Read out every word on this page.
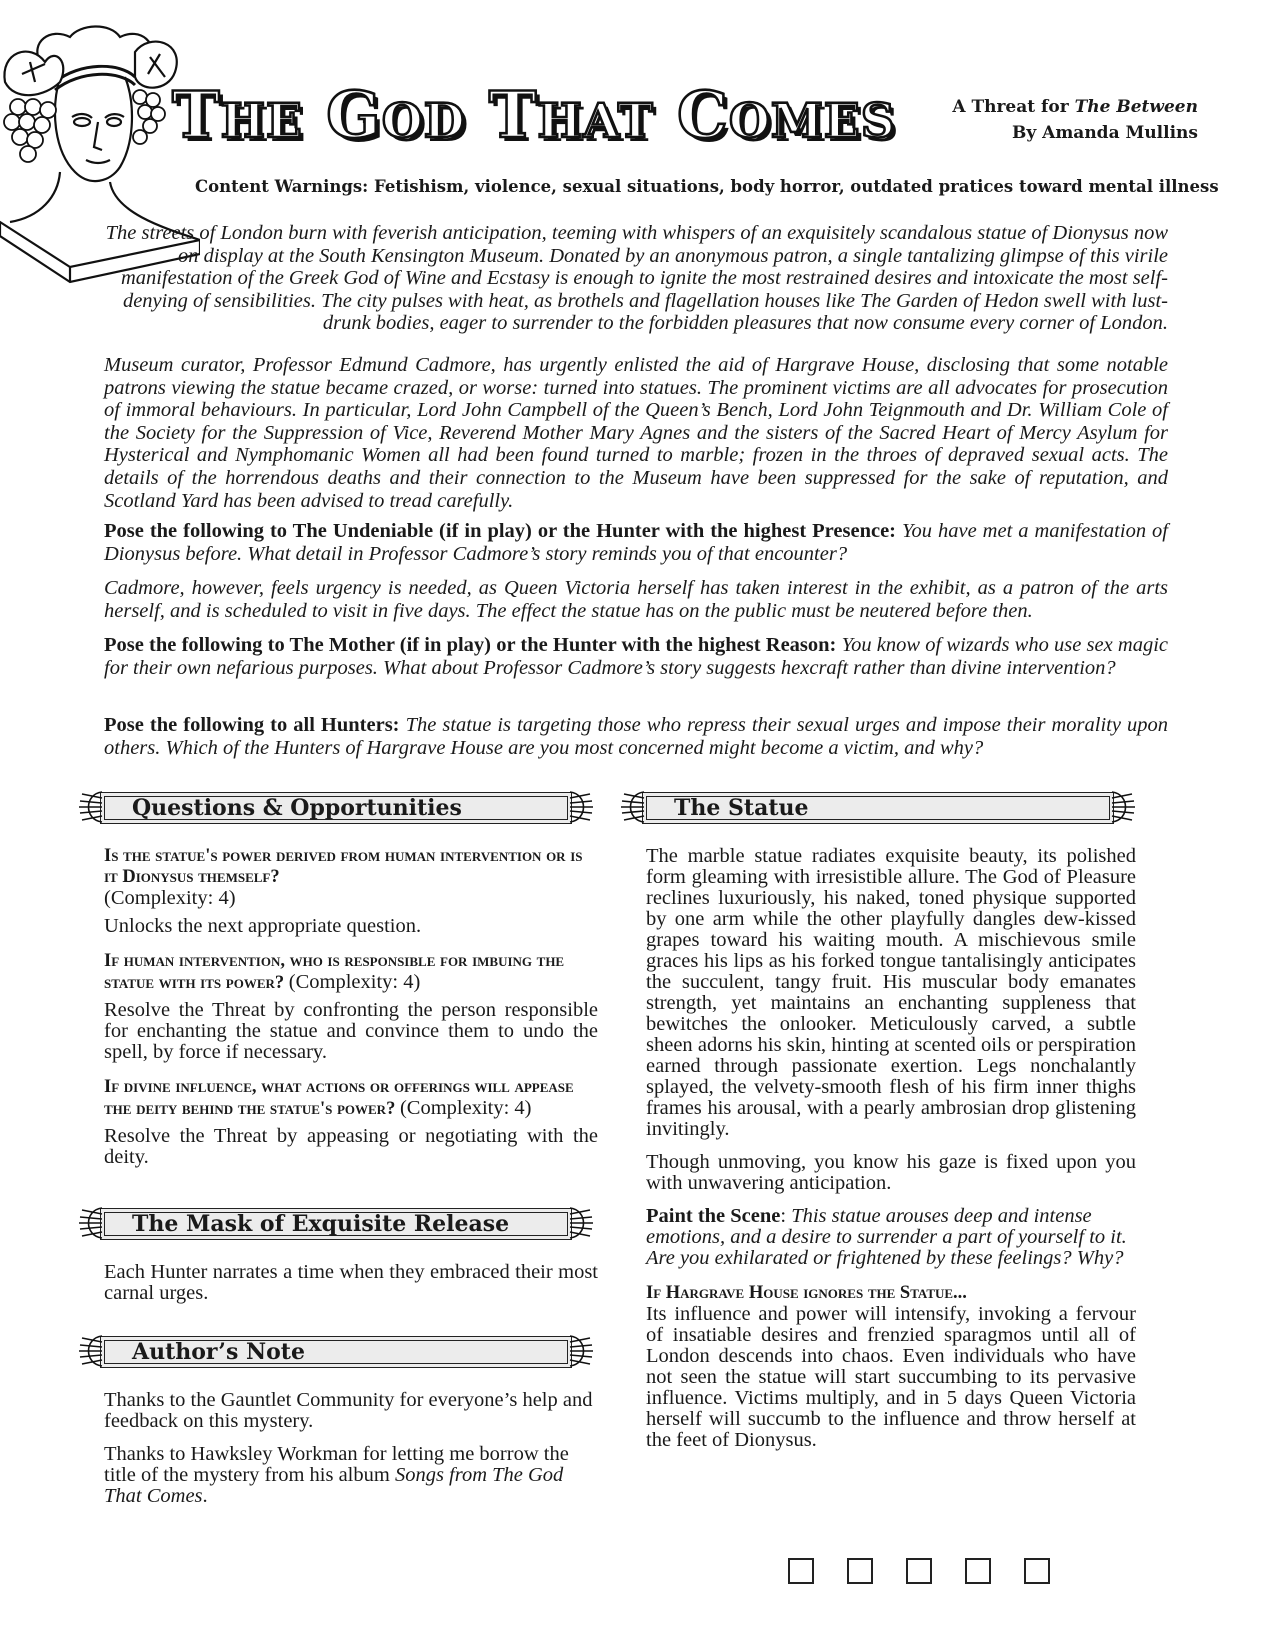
THE GOD THAT COMES	A Threat for The Between
By Amanda Mullins
Content Warnings: Fetishism, violence, sexual situations, body horror, outdated pratices toward mental illness

The streets of London burn with feverish anticipation, teeming with whispers of an exquisitely scandalous statue of Dionysus now on display at the South Kensington Museum. Donated by an anonymous patron, a single tantalizing glimpse of this virile manifestation of the Greek God of Wine and Ecstasy is enough to ignite the most restrained desires and intoxicate the most self-denying of sensibilities. The city pulses with heat, as brothels and flagellation houses like The Garden of Hedon swell with lust-drunk bodies, eager to surrender to the forbidden pleasures that now consume every corner of London.

Museum curator, Professor Edmund Cadmore, has urgently enlisted the aid of Hargrave House, disclosing that some notable patrons viewing the statue became crazed, or worse: turned into statues. The prominent victims are all advocates for prosecution of immoral behaviours. In particular, Lord John Campbell of the Queen’s Bench, Lord John Teignmouth and Dr. William Cole of the Society for the Suppression of Vice, Reverend Mother Mary Agnes and the sisters of the Sacred Heart of Mercy Asylum for Hysterical and Nymphomanic Women all had been found turned to marble; frozen in the throes of depraved sexual acts. The details of the horrendous deaths and their connection to the Museum have been suppressed for the sake of reputation, and Scotland Yard has been advised to tread carefully.

Pose the following to The Undeniable (if in play) or the Hunter with the highest Presence: You have met a manifestation of Dionysus before. What detail in Professor Cadmore’s story reminds you of that encounter?

Cadmore, however, feels urgency is needed, as Queen Victoria herself has taken interest in the exhibit, as a patron of the arts herself, and is scheduled to visit in five days. The effect the statue has on the public must be neutered before then.

Pose the following to The Mother (if in play) or the Hunter with the highest Reason: You know of wizards who use sex magic for their own nefarious purposes. What about Professor Cadmore’s story suggests hexcraft rather than divine intervention?

Pose the following to all Hunters: The statue is targeting those who repress their sexual urges and impose their morality upon others. Which of the Hunters of Hargrave House are you most concerned might become a victim, and why?

Questions & Opportunities	The Statue

Is the statue's power derived from human intervention or is it Dionysus themself?
(Complexity: 4)

Unlocks the next appropriate question.

If human intervention, who is responsible for imbuing the statue with its power? (Complexity: 4)

Resolve the Threat by confronting the person responsible for enchanting the statue and convince them to undo the spell, by force if necessary.

If divine influence, what actions or offerings will appease the deity behind the statue's power? (Complexity: 4)

Resolve the Threat by appeasing or negotiating with the deity.

The Mask of Exquisite Release
Each Hunter narrates a time when they embraced their most carnal urges.
Author’s Note

Thanks to the Gauntlet Community for everyone’s help and feedback on this mystery.

Thanks to Hawksley Workman for letting me borrow the title of the mystery from his album Songs from The God That Comes.

The marble statue radiates exquisite beauty, its polished form gleaming with irresistible allure. The God of Pleasure reclines luxuriously, his naked, toned physique supported by one arm while the other playfully dangles dew-kissed grapes toward his waiting mouth. A mischievous smile graces his lips as his forked tongue tantalisingly anticipates the succulent, tangy fruit. His muscular body emanates strength, yet maintains an enchanting suppleness that bewitches the onlooker. Meticulously carved, a subtle sheen adorns his skin, hinting at scented oils or perspiration earned through passionate exertion. Legs nonchalantly splayed, the velvety-smooth flesh of his firm inner thighs frames his arousal, with a pearly ambrosian drop glistening invitingly.

Though unmoving, you know his gaze is fixed upon you with unwavering anticipation.

Paint the Scene: This statue arouses deep and intense emotions, and a desire to surrender a part of yourself to it. Are you exhilarated or frightened by these feelings? Why?

If Hargrave House ignores the Statue...

Its influence and power will intensify, invoking a fervour of insatiable desires and frenzied sparagmos until all of London descends into chaos. Even individuals who have not seen the statue will start succumbing to its pervasive influence. Victims multiply, and in 5 days Queen Victoria herself will succumb to the influence and throw herself at the feet of Dionysus.
